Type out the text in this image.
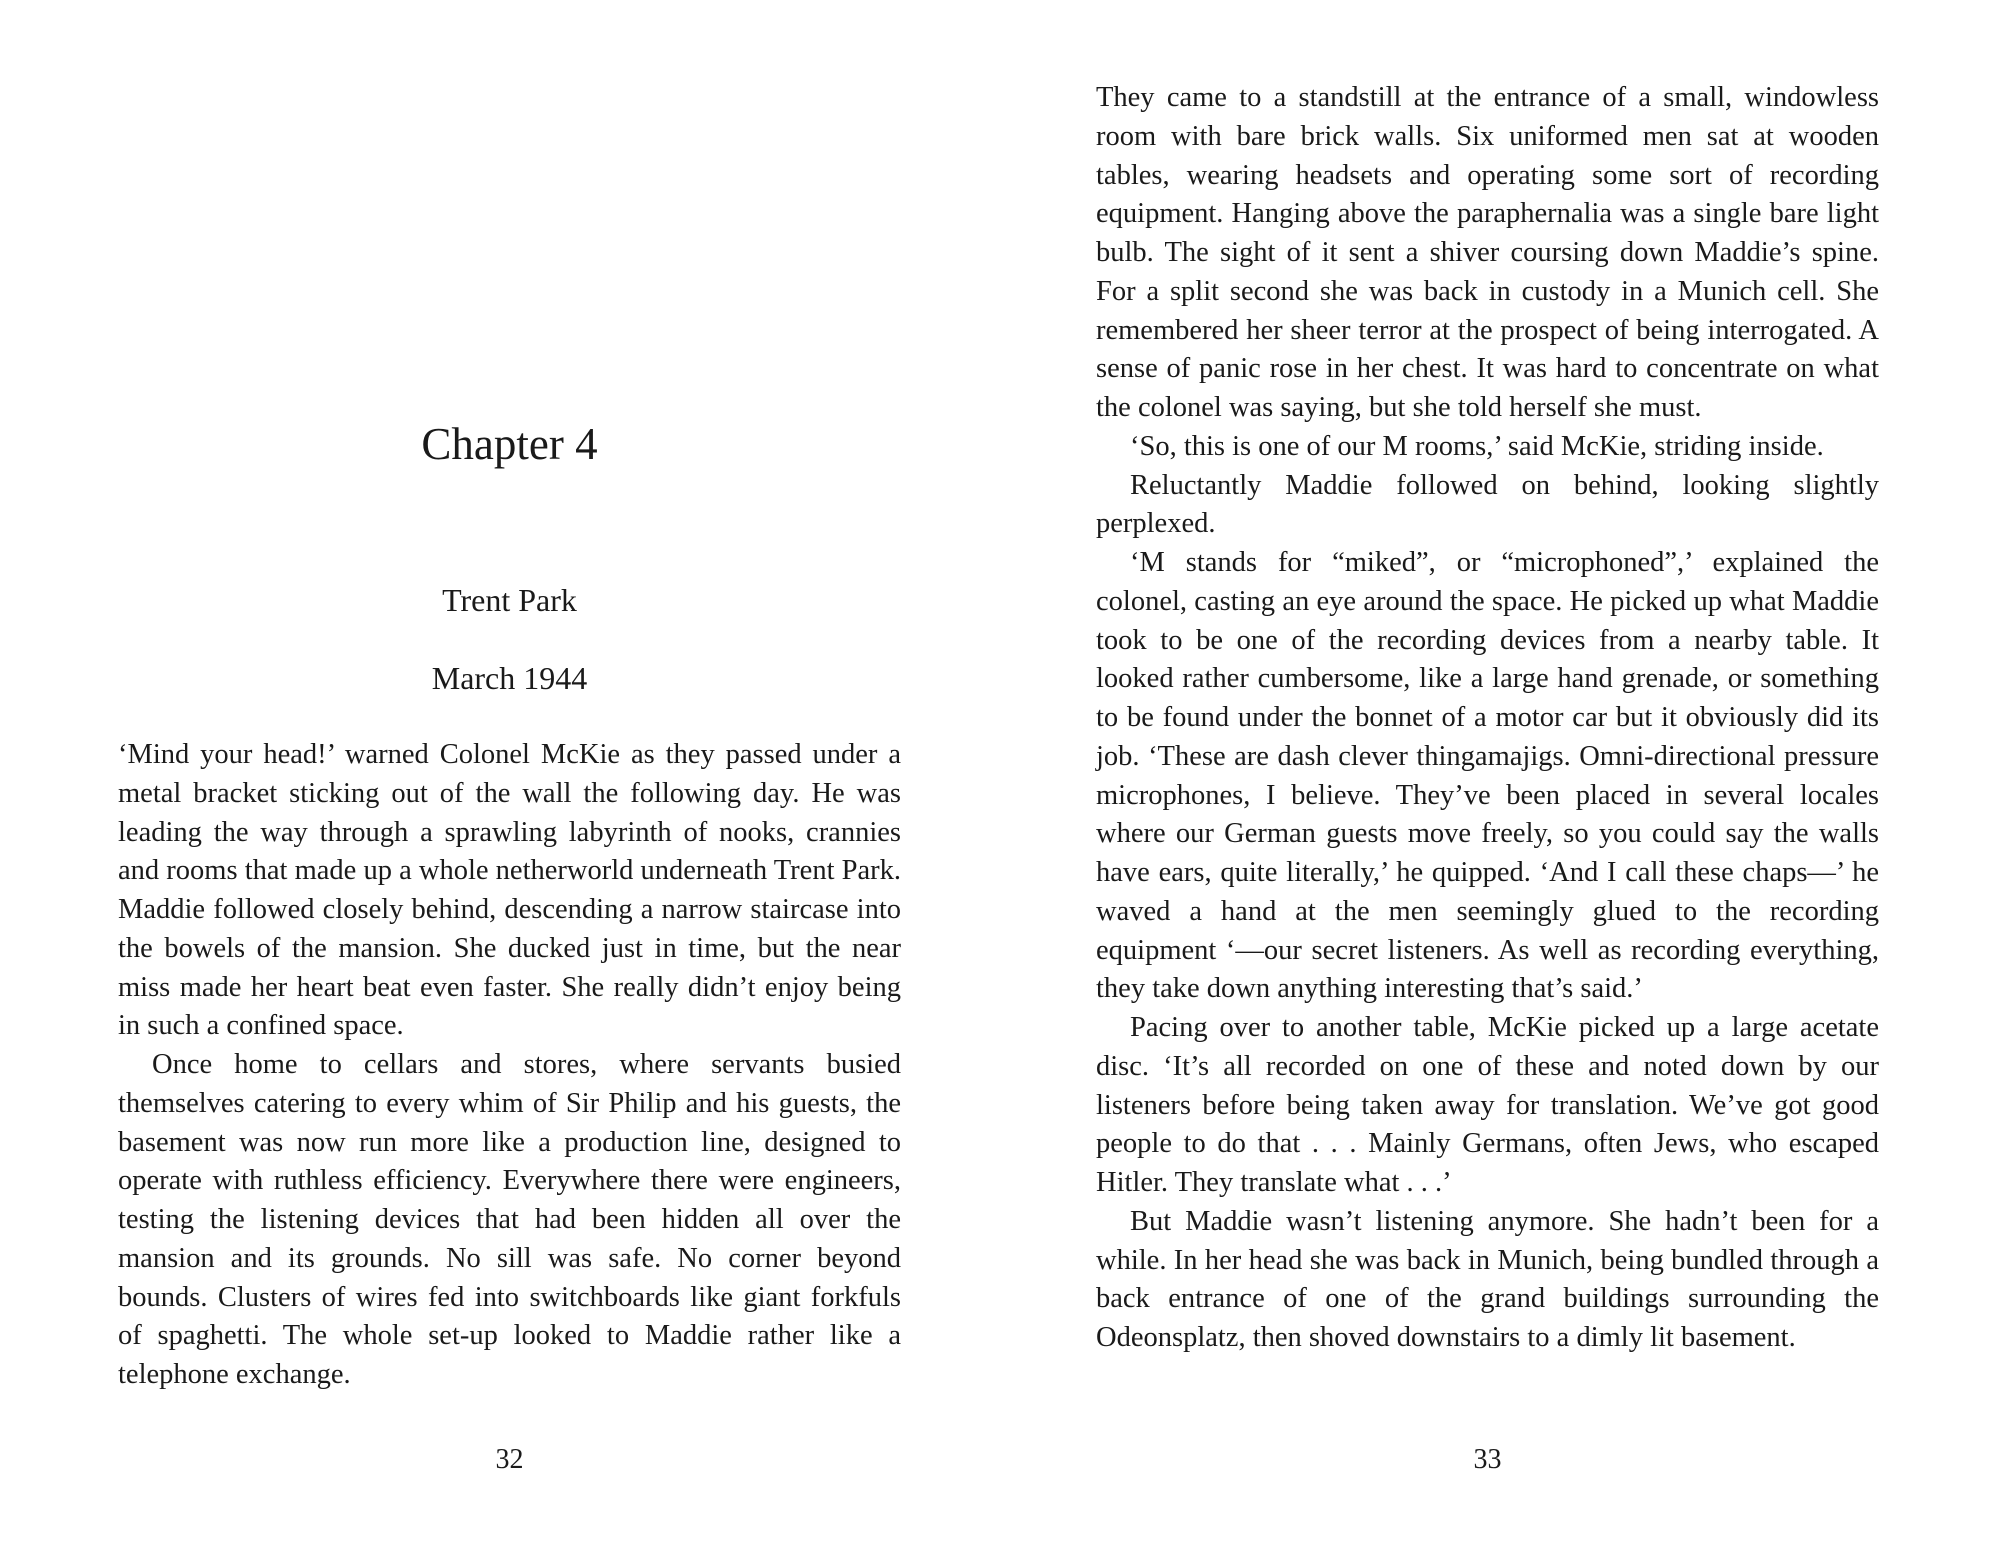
Chapter 4
Trent Park
March 1944

‘Mind your head!’ warned Colonel McKie as they passed under a metal bracket sticking out of the wall the following day. He was leading the way through a sprawling labyrinth of nooks, crannies and rooms that made up a whole netherworld underneath Trent Park. Maddie followed closely behind, descending a narrow staircase into the bowels of the mansion. She ducked just in time, but the near miss made her heart beat even faster. She really didn’t enjoy being in such a confined space.

Once home to cellars and stores, where servants busied themselves catering to every whim of Sir Philip and his guests, the basement was now run more like a production line, designed to operate with ruthless efficiency. Everywhere there were engineers, testing the listening devices that had been hidden all over the mansion and its grounds. No sill was safe. No corner beyond bounds. Clusters of wires fed into switchboards like giant forkfuls of spaghetti. The whole set-up looked to Maddie rather like a telephone exchange.

32

They came to a standstill at the entrance of a small, windowless room with bare brick walls. Six uniformed men sat at wooden tables, wearing headsets and operating some sort of recording equipment. Hanging above the paraphernalia was a single bare light bulb. The sight of it sent a shiver coursing down Maddie’s spine. For a split second she was back in custody in a Munich cell. She remembered her sheer terror at the prospect of being interrogated. A sense of panic rose in her chest. It was hard to concentrate on what the colonel was saying, but she told herself she must.

‘So, this is one of our M rooms,’ said McKie, striding inside.

Reluctantly Maddie followed on behind, looking slightly perplexed.

‘M stands for “miked”, or “microphoned”,’ explained the colonel, casting an eye around the space. He picked up what Maddie took to be one of the recording devices from a nearby table. It looked rather cumbersome, like a large hand grenade, or something to be found under the bonnet of a motor car but it obviously did its job. ‘These are dash clever thingamajigs. Omni-directional pressure microphones, I believe. They’ve been placed in several locales where our German guests move freely, so you could say the walls have ears, quite literally,’ he quipped. ‘And I call these chaps—’ he waved a hand at the men seemingly glued to the recording equipment ‘—our secret listeners. As well as recording everything, they take down anything interesting that’s said.’

Pacing over to another table, McKie picked up a large acetate disc. ‘It’s all recorded on one of these and noted down by our listeners before being taken away for translation. We’ve got good people to do that . . . Mainly Germans, often Jews, who escaped Hitler. They translate what . . .’

But Maddie wasn’t listening anymore. She hadn’t been for a while. In her head she was back in Munich, being bundled through a back entrance of one of the grand buildings surrounding the Odeonsplatz, then shoved downstairs to a dimly lit basement.

33
